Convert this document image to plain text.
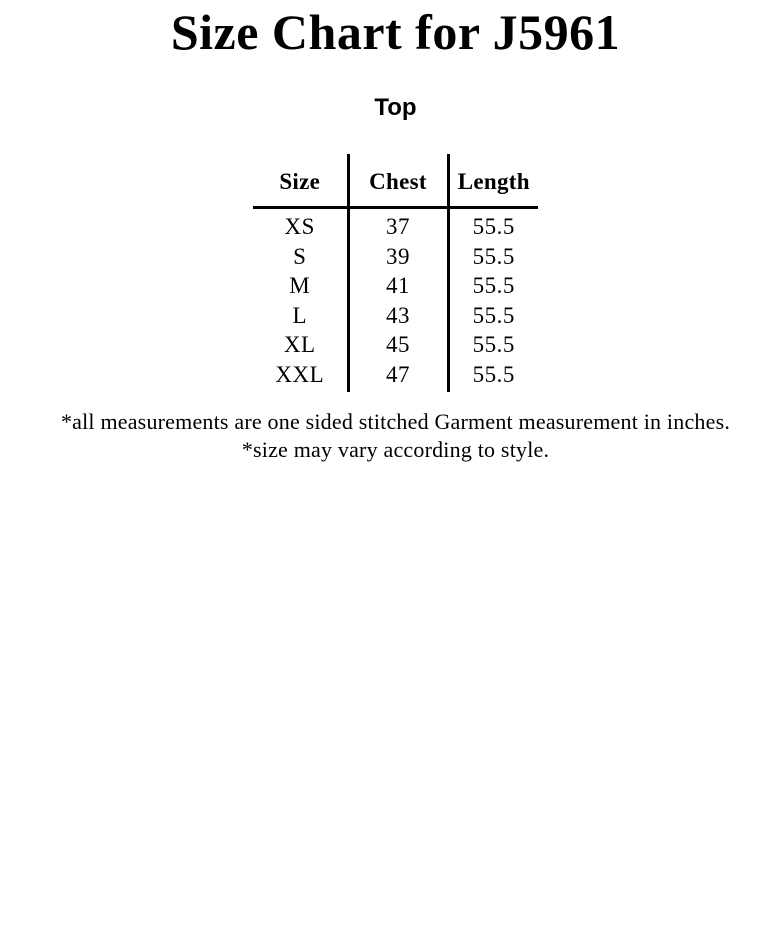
Size Chart for J5961
Top
Size	Chest	Length
XS	37	55.5
S	39	55.5
M	41	55.5
L	43	55.5
XL	45	55.5
XXL	47	55.5

*all measurements are one sided stitched Garment measurement in inches.

*size may vary according to style.
